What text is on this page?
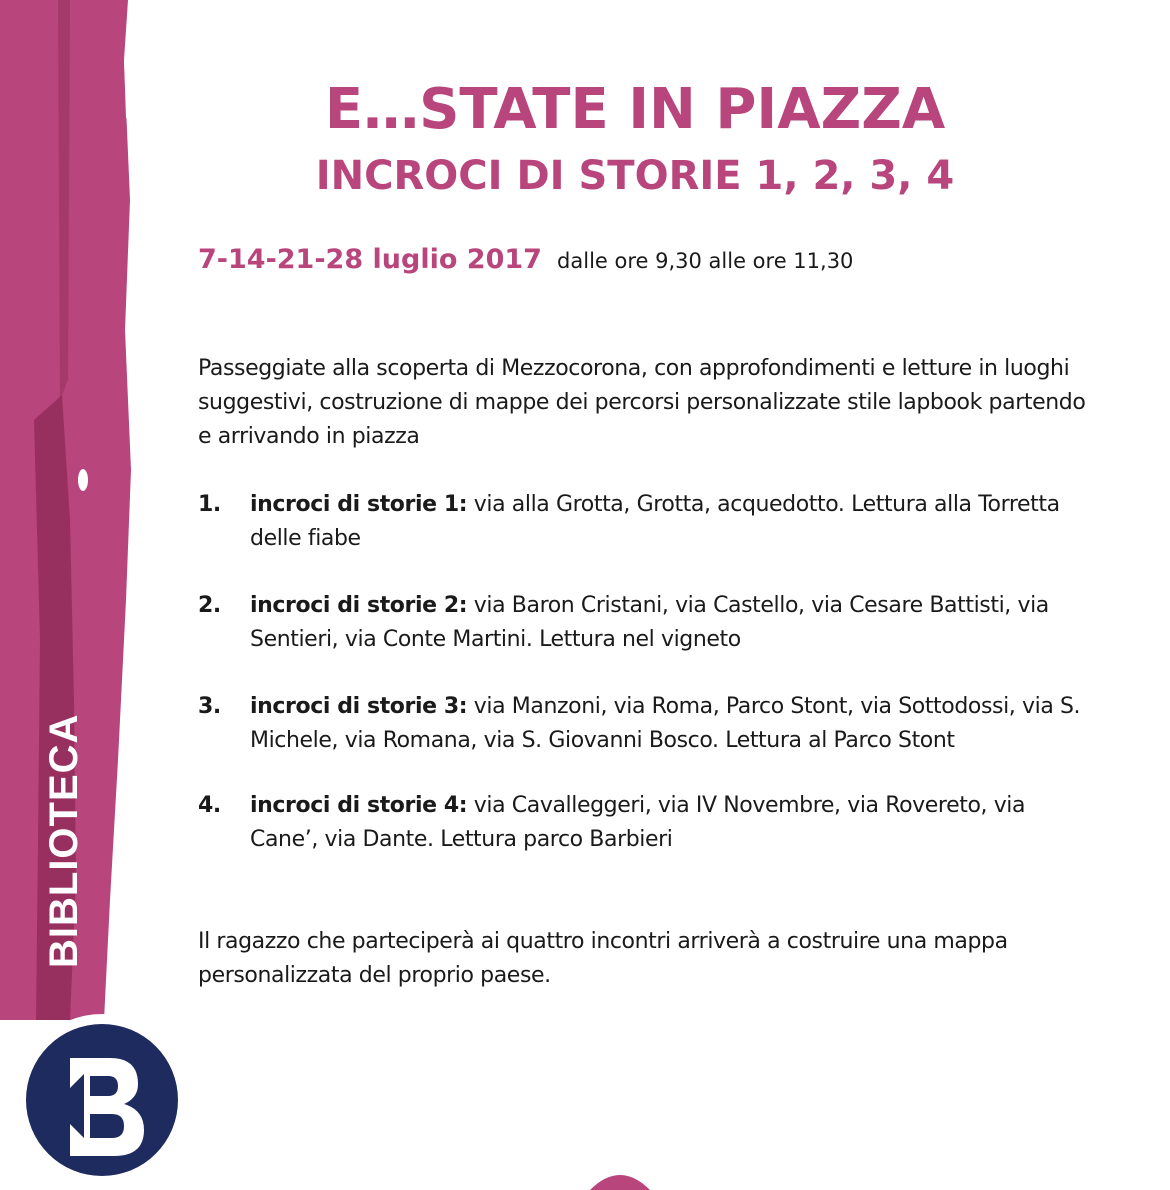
BIBLIOTECA
E…STATE IN PIAZZA
INCROCI DI STORIE 1, 2, 3, 4
7-14-21-28 luglio 2017 dalle ore 9,30 alle ore 11,30
Passeggiate alla scoperta di Mezzocorona, con approfondimenti e letture in luoghi suggestivi, costruzione di mappe dei percorsi personalizzate stile lapbook partendo e arrivando in piazza
1. incroci di storie 1: via alla Grotta, Grotta, acquedotto. Lettura alla Torretta delle fiabe
2. incroci di storie 2: via Baron Cristani, via Castello, via Cesare Battisti, via Sentieri, via Conte Martini. Lettura nel vigneto
3. incroci di storie 3: via Manzoni, via Roma, Parco Stont, via Sottodossi, via S. Michele, via Romana, via S. Giovanni Bosco. Lettura al Parco Stont
4. incroci di storie 4: via Cavalleggeri, via IV Novembre, via Rovereto, via Cane’, via Dante. Lettura parco Barbieri
Il ragazzo che parteciperà ai quattro incontri arriverà a costruire una mappa personalizzata del proprio paese.
